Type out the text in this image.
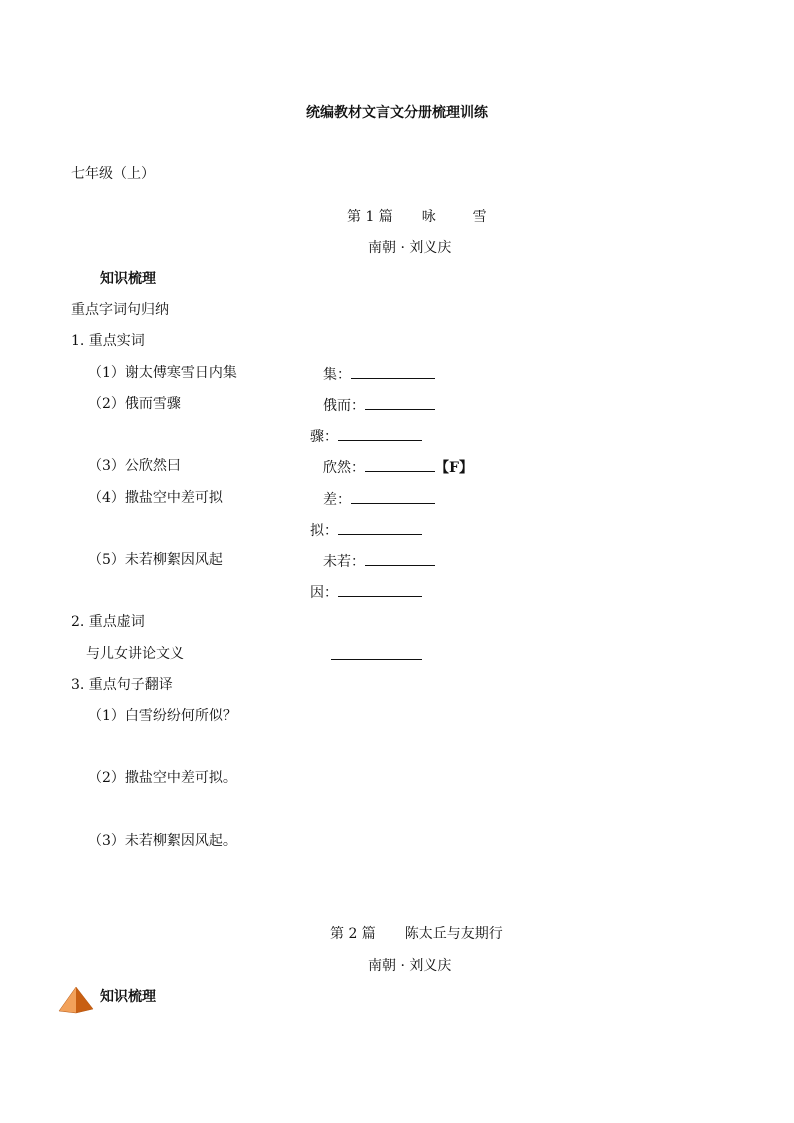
统编教材文言文分册梳理训练
七年级（上）
第 1 篇 咏	雪
南朝 · 刘义庆
知识梳理
重点字词句归纳
1. 重点实词
（1）谢太傅寒雪日内集	集：
（2）俄而雪骤	俄而：
骤：
（3）公欣然曰	欣然：	【F】
（4）撒盐空中差可拟	差：
拟：
（5）未若柳絮因风起	未若：
因：
2. 重点虚词
与儿女讲论文义
3. 重点句子翻译
（1）白雪纷纷何所似？
（2）撒盐空中差可拟。
（3）未若柳絮因风起。
第 2 篇 陈太丘与友期行
南朝 · 刘义庆
知识梳理
